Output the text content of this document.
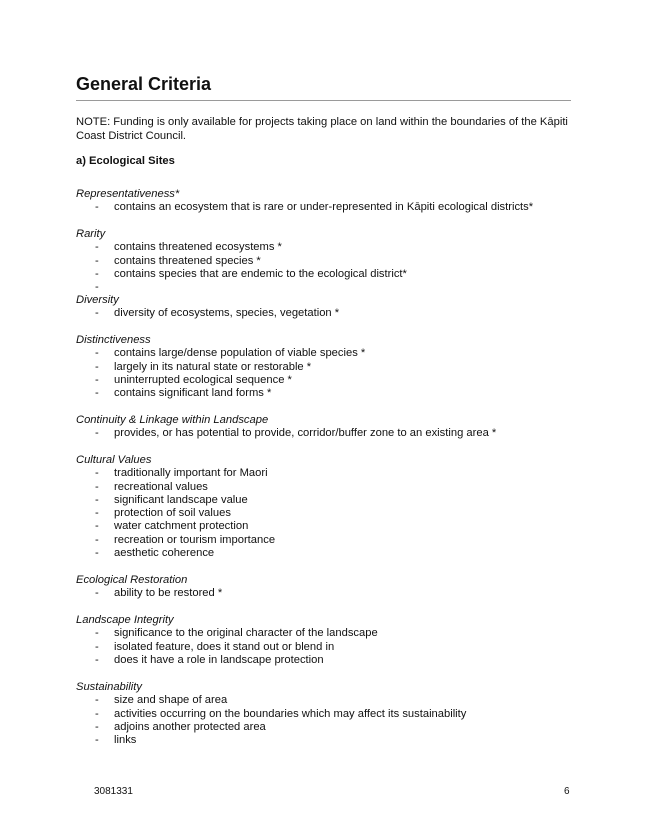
General Criteria
NOTE: Funding is only available for projects taking place on land within the boundaries of the Kāpiti Coast District Council.
a) Ecological Sites
Representativeness*
- contains an ecosystem that is rare or under-represented in Kāpiti ecological districts*
Rarity
- contains threatened ecosystems *
- contains threatened species *
- contains species that are endemic to the ecological district*
-
Diversity
- diversity of ecosystems, species, vegetation *
Distinctiveness
- contains large/dense population of viable species *
- largely in its natural state or restorable *
- uninterrupted ecological sequence *
- contains significant land forms *
Continuity & Linkage within Landscape
- provides, or has potential to provide, corridor/buffer zone to an existing area *
Cultural Values
- traditionally important for Maori
- recreational values
- significant landscape value
- protection of soil values
- water catchment protection
- recreation or tourism importance
- aesthetic coherence
Ecological Restoration
- ability to be restored *
Landscape Integrity
- significance to the original character of the landscape
- isolated feature, does it stand out or blend in
- does it have a role in landscape protection
Sustainability
- size and shape of area
- activities occurring on the boundaries which may affect its sustainability
- adjoins another protected area
- links
3081331	6
